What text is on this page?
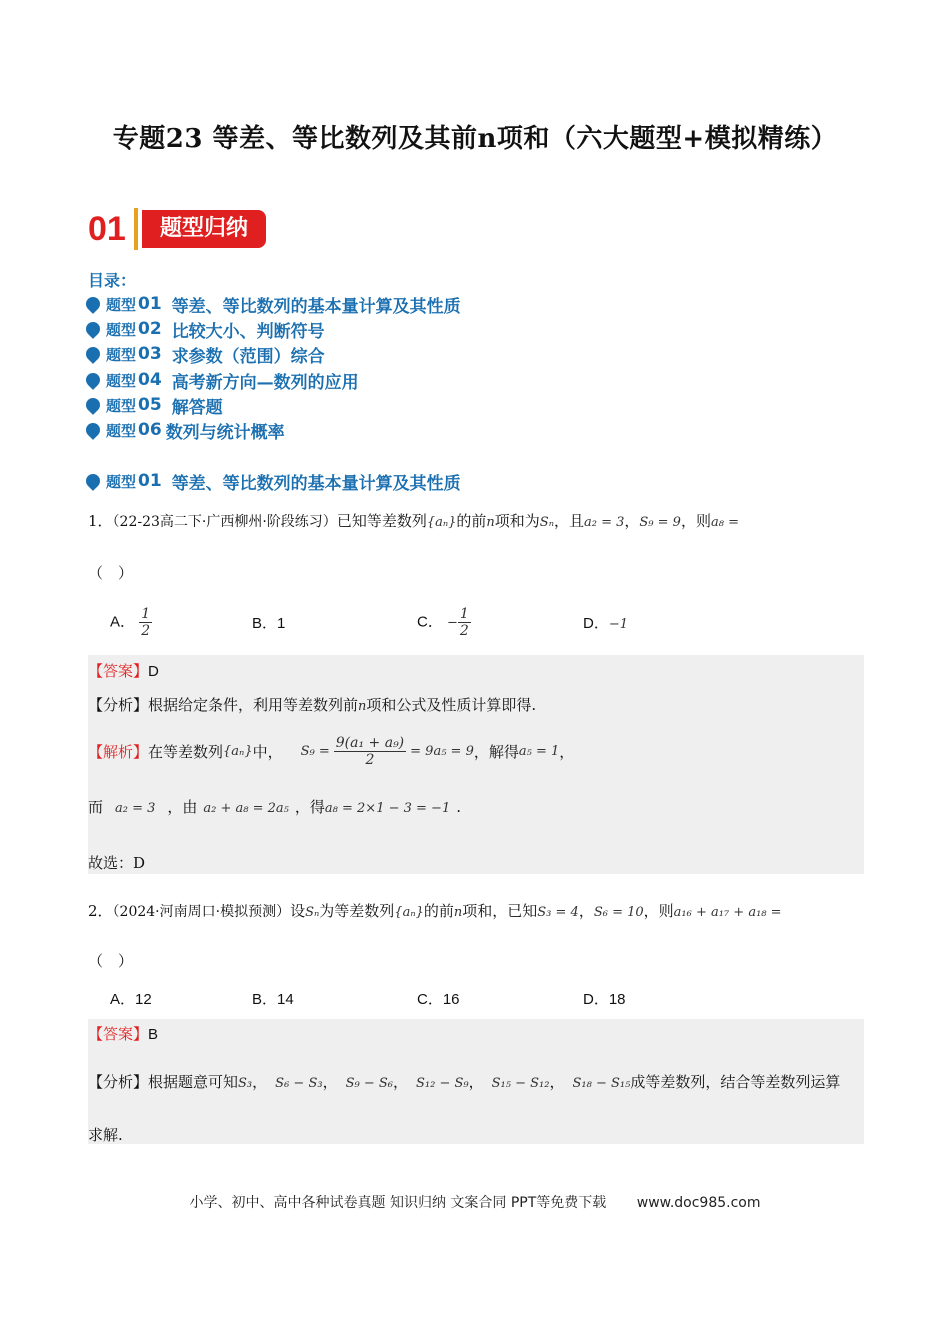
专题23 等差、等比数列及其前n项和（六大题型+模拟精练）
01	题型归纳
目录：
题型 01 等差、等比数列的基本量计算及其性质
题型 02 比较大小、判断符号
题型 03 求参数（范围）综合
题型 04 高考新方向—数列的应用
题型 05 解答题
题型 06 数列与统计概率
题型 01 等差、等比数列的基本量计算及其性质
1．（22-23高二下·广西柳州·阶段练习）已知等差数列{aₙ}的前n项和为Sₙ，且a₂ = 3，S₉ = 9，则a₈ =
（　）
A． $\frac{1}{2}$	B．1	C． − $\frac{1}{2}$	D．−1
【答案】D
【分析】根据给定条件，利用等差数列前n项和公式及性质计算即得.
【解析】 在等差数列 {aₙ} 中， $S_9 = \frac{\text{9(a₁ + a₉)}}{2} = 9a_5 = 9$ ，解得 a₅ = 1 ，
而 a₂ = 3 ，由 a₂ + a₈ = 2a₅ ，得a₈ = 2×1 − 3 = −1 .
故选：D
2．（2024·河南周口·模拟预测）设Sₙ为等差数列{aₙ}的前n项和，已知S₃ = 4，S₆ = 10，则a₁₆ + a₁₇ + a₁₈ =
（　）
A．12	B．14	C．16	D．18
【答案】B
【分析】根据题意可知S₃， S₆ − S₃， S₉ − S₆， S₁₂ − S₉， S₁₅ − S₁₂， S₁₈ − S₁₅成等差数列，结合等差数列运算
求解.
小学、初中、高中各种试卷真题 知识归纳 文案合同 PPT等免费下载 www.doc985.com
